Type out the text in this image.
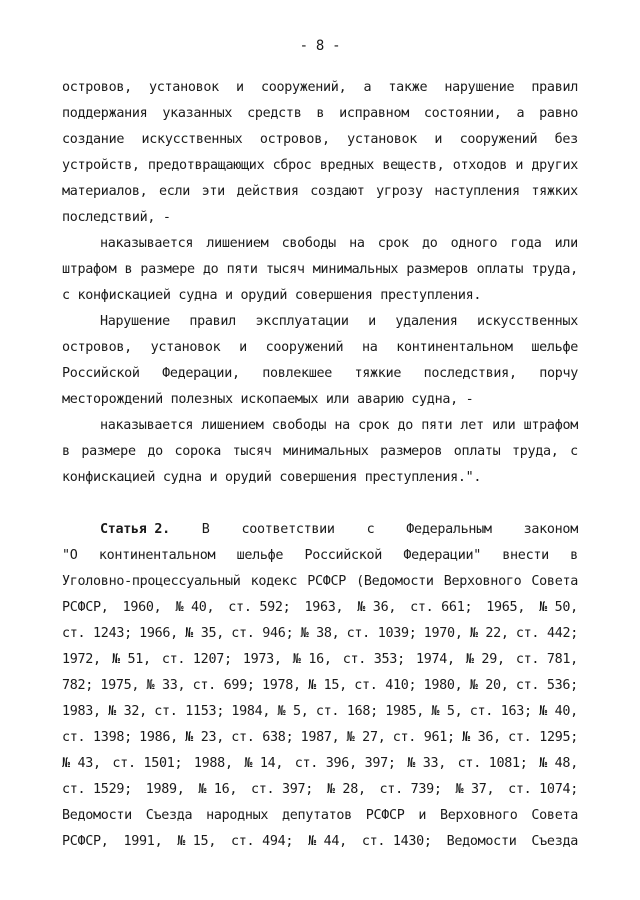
- 8 -
островов, установок и сооружений, а также нарушение правил
поддержания указанных средств в исправном состоянии, а равно
создание искусственных островов, установок и сооружений без
устройств, предотвращающих сброс вредных веществ, отходов и других
материалов, если эти действия создают угрозу наступления тяжких
последствий, -
наказывается лишением свободы на срок до одного года или
штрафом в размере до пяти тысяч минимальных размеров оплаты труда,
с конфискацией судна и орудий совершения преступления.
Нарушение правил эксплуатации и удаления искусственных
островов, установок и сооружений на континентальном шельфе
Российской Федерации, повлекшее тяжкие последствия, порчу
месторождений полезных ископаемых или аварию судна, -
наказывается лишением свободы на срок до пяти лет или штрафом
в размере до сорока тысяч минимальных размеров оплаты труда, с
конфискацией судна и орудий совершения преступления.".
Статья 2. В соответствии с Федеральным законом
"О континентальном шельфе Российской Федерации" внести в
Уголовно-процессуальный кодекс РСФСР (Ведомости Верховного Совета
РСФСР, 1960, № 40, ст. 592; 1963, № 36, ст. 661; 1965, № 50,
ст. 1243; 1966, № 35, ст. 946; № 38, ст. 1039; 1970, № 22, ст. 442;
1972, № 51, ст. 1207; 1973, № 16, ст. 353; 1974, № 29, ст. 781,
782; 1975, № 33, ст. 699; 1978, № 15, ст. 410; 1980, № 20, ст. 536;
1983, № 32, ст. 1153; 1984, № 5, ст. 168; 1985, № 5, ст. 163; № 40,
ст. 1398; 1986, № 23, ст. 638; 1987, № 27, ст. 961; № 36, ст. 1295;
№ 43, ст. 1501; 1988, № 14, ст. 396, 397; № 33, ст. 1081; № 48,
ст. 1529; 1989, № 16, ст. 397; № 28, ст. 739; № 37, ст. 1074;
Ведомости Съезда народных депутатов РСФСР и Верховного Совета
РСФСР, 1991, № 15, ст. 494; № 44, ст. 1430; Ведомости Съезда
